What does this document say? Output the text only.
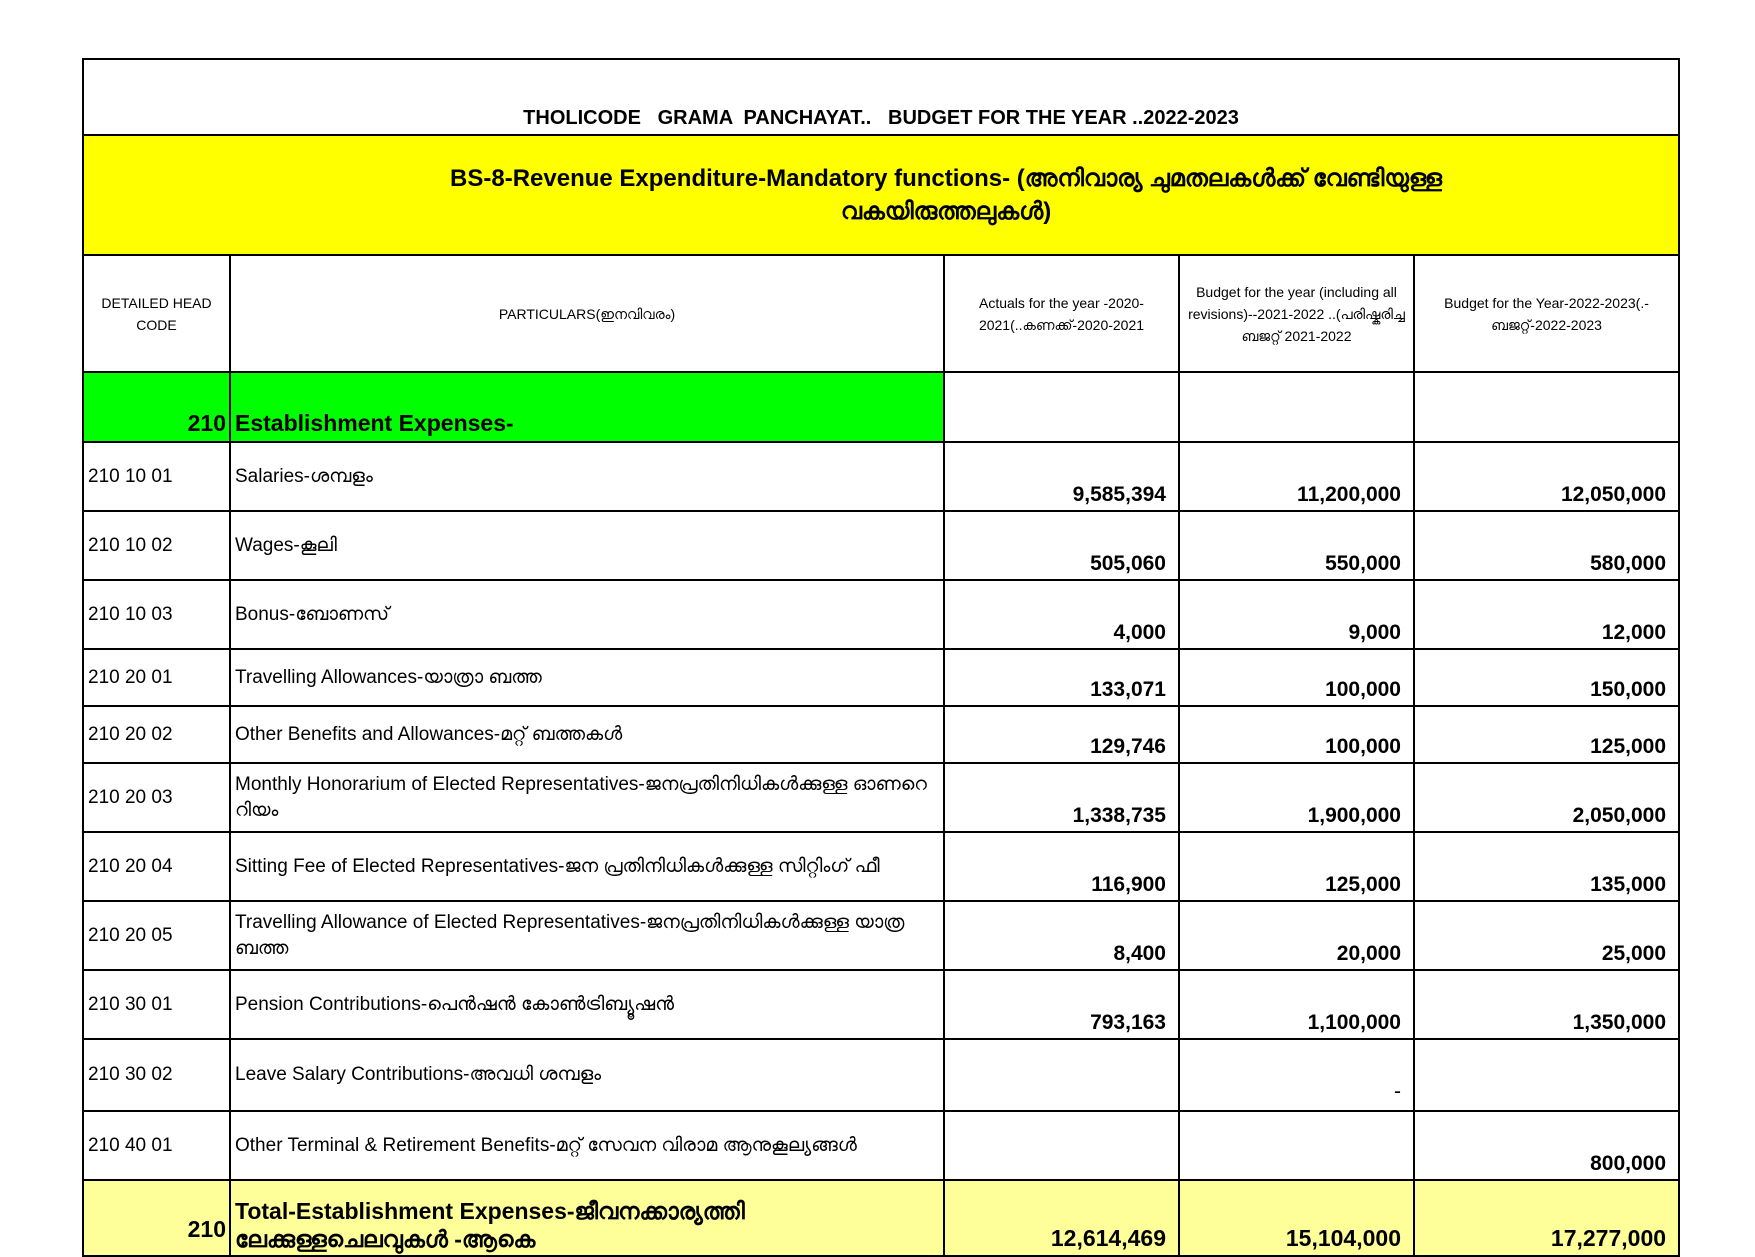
THOLICODE   GRAMA  PANCHAYAT..   BUDGET FOR THE YEAR ..2022-2023				
BS-8-Revenue Expenditure-Mandatory functions- (അനിവാര്യ ചുമതലകൾക്ക് വേണ്ടിയുള്ള
വകയിരുത്തലുകൾ)				
DETAILED HEAD CODE	PARTICULARS(ഇനവിവരം)	Actuals for the year -2020-2021(..കണക്ക്-2020-2021	Budget for the year (including all revisions)--2021-2022 ..(പരിഷ്കരിച്ച ബജറ്റ് 2021-2022	Budget for the Year-2022-2023(.-ബജറ്റ്-2022-2023
210	Establishment Expenses-			
210 10 01	Salaries-ശമ്പളം	9,585,394	11,200,000	12,050,000
210 10 02	Wages-കൂലി	505,060	550,000	580,000
210 10 03	Bonus-ബോണസ്	4,000	9,000	12,000
210 20 01	Travelling Allowances-യാത്രാ ബത്ത	133,071	100,000	150,000
210 20 02	Other Benefits and Allowances-മറ്റ് ബത്തകൾ	129,746	100,000	125,000
210 20 03	Monthly Honorarium of Elected Representatives-ജനപ്രതിനിധികൾക്കുള്ള ഓണറെ റിയം	1,338,735	1,900,000	2,050,000
210 20 04	Sitting Fee of Elected Representatives-ജന പ്രതിനിധികൾക്കുള്ള സിറ്റിംഗ് ഫീ	116,900	125,000	135,000
210 20 05	Travelling Allowance of Elected Representatives-ജനപ്രതിനിധികൾക്കുള്ള യാത്ര ബത്ത	8,400	20,000	25,000
210 30 01	Pension Contributions-പെൻഷൻ കോൺട്രിബ്യൂഷൻ	793,163	1,100,000	1,350,000
210 30 02	Leave Salary Contributions-അവധി ശമ്പളം		-	
210 40 01	Other Terminal & Retirement Benefits-മറ്റ് സേവന വിരാമ ആനുകൂല്യങ്ങൾ			800,000
210	Total-Establishment Expenses-ജീവനക്കാര്യത്തി ലേക്കുള്ളചെലവുകൾ -ആകെ	12,614,469	15,104,000	17,277,000
